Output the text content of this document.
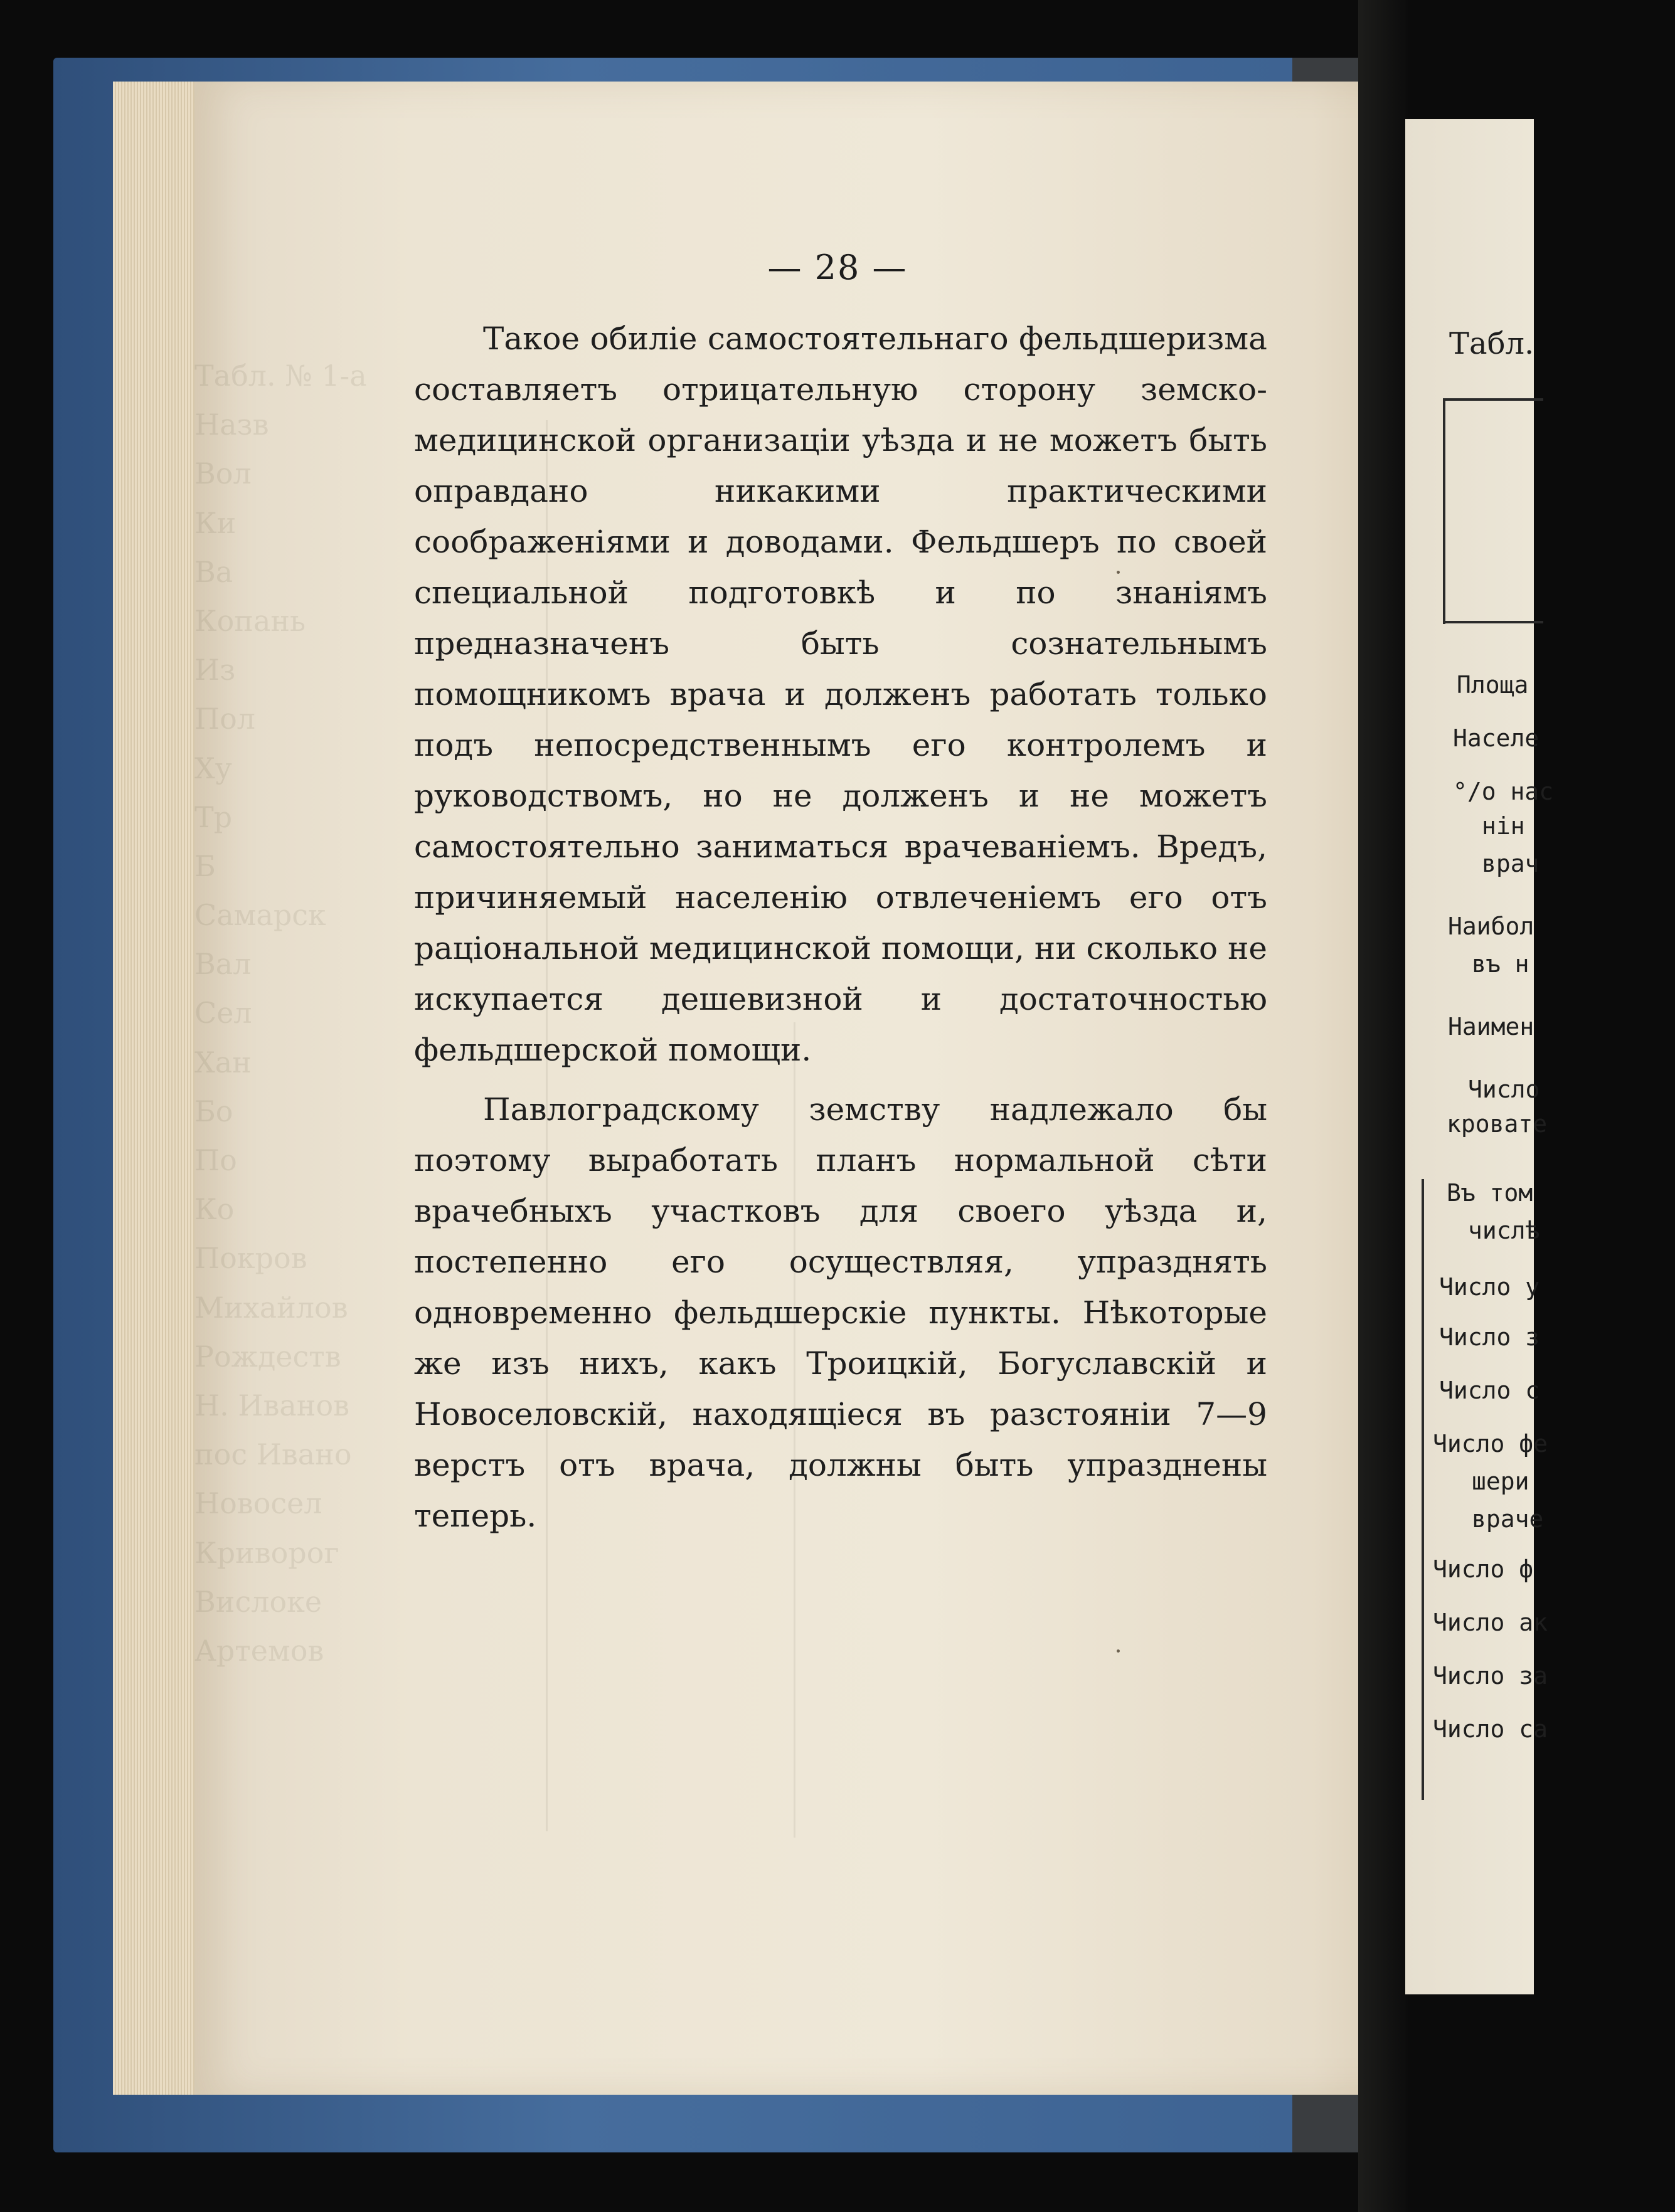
Табл. № 1-а
Назв
Вол
Ки
Ва
Копань
Из
Пол
Ху
Тр
Б
Самарск
Вал
Сел
Хан
Бо
По
Ко
Покров
Михайлов
Рождеств
Н. Иванов
пос Ивано
Новосел
Криворог
Вислоке
Артемов
— 28 —

Такое обиліе самостоятельнаго фельдшеризма составляетъ отрицательную сторону земско-медицинской организаціи уѣзда и не можетъ быть оправдано никакими практическими соображеніями и доводами. Фельдшеръ по своей специальной подготовкѣ и по знаніямъ предназначенъ быть сознательнымъ помощникомъ врача и долженъ работать только подъ непосредственнымъ его контролемъ и руководствомъ, но не долженъ и не можетъ самостоятельно заниматься врачеваніемъ. Вредъ, причиняемый населенію отвлеченіемъ его отъ раціональной медицинской помощи, ни сколько не искупается дешевизной и достаточностью фельдшерской помощи.

Павлоградскому земству надлежало бы поэтому выработать планъ нормальной сѣти врачебныхъ участковъ для своего уѣзда и, постепенно его осуществляя, упразднять одновременно фельдшерскіе пункты. Нѣкоторые же изъ нихъ, какъ Троицкій, Богуславскій и Новоселовскій, находящіеся въ разстояніи 7—9 верстъ отъ врача, должны быть упразднены теперь.

Табл.
Площа
Населе
°/o нас
нін
врач
Наибол
въ н
Наимен
Число
кровате
Въ том
числѣ
Число у
Число з
Число с
Число фе
шери
враче
Число ф
Число ак
Число за
Число са
